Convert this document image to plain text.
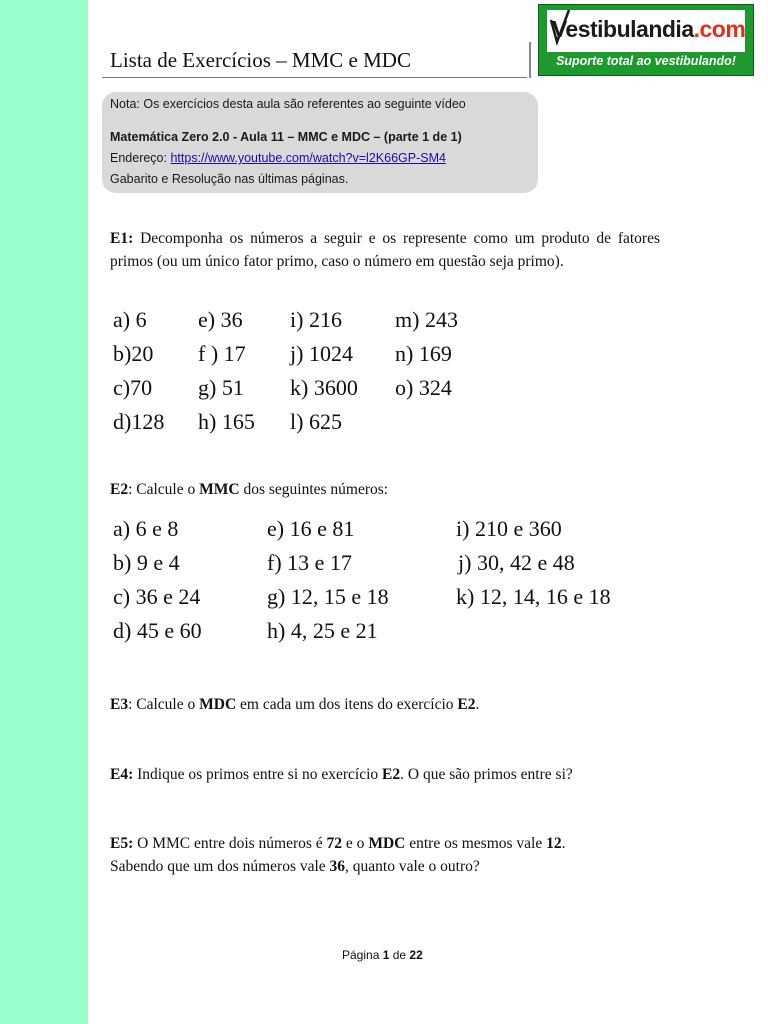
Lista de Exercícios – MMC e MDC
Vestibulandia.com
Suporte total ao vestibulando!
Nota: Os exercícios desta aula são referentes ao seguinte vídeo
Matemática Zero 2.0 - Aula 11 – MMC e MDC – (parte 1 de 1)
Endereço: https://www.youtube.com/watch?v=l2K66GP-SM4
Gabarito e Resolução nas últimas páginas.
E1: Decomponha os números a seguir e os represente como um produto de fatores primos (ou um único fator primo, caso o número em questão seja primo).
a) 6 e) 36 i) 216 m) 243
b)20 f ) 17 j) 1024 n) 169
c)70 g) 51 k) 3600 o) 324
d)128 h) 165 l) 625
E2: Calcule o MMC dos seguintes números:
a) 6 e 8	e) 16 e 81	i) 210 e 360
b) 9 e 4	f) 13 e 17	j) 30, 42 e 48
c) 36 e 24	g) 12, 15 e 18	k) 12, 14, 16 e 18
d) 45 e 60	h) 4, 25 e 21
E3: Calcule o MDC em cada um dos itens do exercício E2.
E4: Indique os primos entre si no exercício E2. O que são primos entre si?
E5: O MMC entre dois números é 72 e o MDC entre os mesmos vale 12.
Sabendo que um dos números vale 36, quanto vale o outro?
Página 1 de 22
